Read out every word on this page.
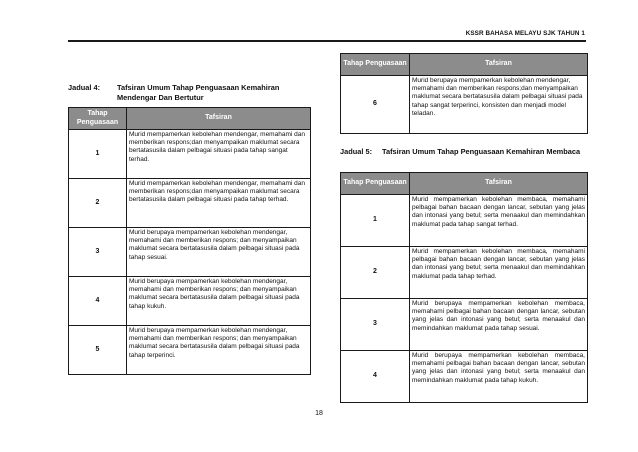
KSSR BAHASA MELAYU SJK TAHUN 1
Jadual 4:	Tafsiran Umum Tahap Penguasaan Kemahiran Mendengar Dan Bertutur
Tahap Penguasaan	Tafsiran
1	Murid mempamerkan kebolehan mendengar, memahami dan memberikan respons;dan menyampaikan maklumat secara bertatasusila dalam pelbagai situasi pada tahap sangat terhad.
2	Murid mempamerkan kebolehan mendengar, memahami dan memberikan respons;dan menyampaikan maklumat secara bertatasusila dalam pelbagai situasi pada tahap terhad.
3	Murid berupaya mempamerkan kebolehan mendengar, memahami dan memberikan respons; dan menyampaikan maklumat secara bertatasusila dalam pelbagai situasi pada tahap sesuai.
4	Murid berupaya mempamerkan kebolehan mendengar, memahami dan memberikan respons; dan menyampaikan maklumat secara bertatasusila dalam pelbagai situasi pada tahap kukuh.
5	Murid berupaya mempamerkan kebolehan mendengar, memahami dan memberikan respons; dan menyampaikan maklumat secara bertatasusila dalam pelbagai situasi pada tahap terperinci.
Tahap Penguasaan	Tafsiran
6	Murid berupaya mempamerkan kebolehan mendengar, memahami dan memberikan respons;dan menyampaikan maklumat secara bertatasusila dalam pelbagai situasi pada tahap sangat terperinci, konsisten dan menjadi model teladan.
Jadual 5:	Tafsiran Umum Tahap Penguasaan Kemahiran Membaca
Tahap Penguasaan	Tafsiran
1	Murid mempamerkan kebolehan membaca, memahami pelbagai bahan bacaan dengan lancar, sebutan yang jelas dan intonasi yang betul; serta menaakul dan memindahkan maklumat pada tahap sangat terhad.
2	Murid mempamerkan kebolehan membaca, memahami pelbagai bahan bacaan dengan lancar, sebutan yang jelas dan intonasi yang betul; serta menaakul dan memindahkan maklumat pada tahap terhad.
3	Murid berupaya mempamerkan kebolehan membaca, memahami pelbagai bahan bacaan dengan lancar, sebutan yang jelas dan intonasi yang betul; serta menaakul dan memindahkan maklumat pada tahap sesuai.
4	Murid berupaya mempamerkan kebolehan membaca, memahami pelbagai bahan bacaan dengan lancar, sebutan yang jelas dan intonasi yang betul; serta menaakul dan memindahkan maklumat pada tahap kukuh.
18
